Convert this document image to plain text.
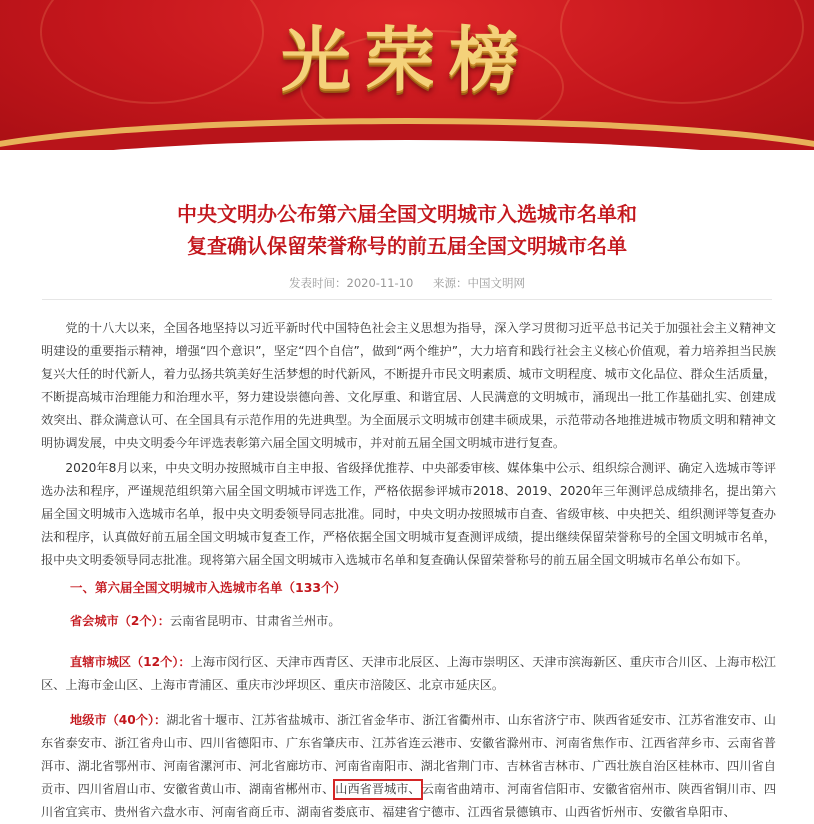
光荣榜
中央文明办公布第六届全国文明城市入选城市名单和
复查确认保留荣誉称号的前五届全国文明城市名单
发表时间：2020-11-10 来源：中国文明网
党的十八大以来，全国各地坚持以习近平新时代中国特色社会主义思想为指导，深入学习贯彻习近平总书记关于加强社会主义精神文明建设的重要指示精神，增强“四个意识”，坚定“四个自信”，做到“两个维护”，大力培育和践行社会主义核心价值观，着力培养担当民族复兴大任的时代新人，着力弘扬共筑美好生活梦想的时代新风，不断提升市民文明素质、城市文明程度、城市文化品位、群众生活质量，不断提高城市治理能力和治理水平，努力建设崇德向善、文化厚重、和谐宜居、人民满意的文明城市，涌现出一批工作基础扎实、创建成效突出、群众满意认可、在全国具有示范作用的先进典型。为全面展示文明城市创建丰硕成果，示范带动各地推进城市物质文明和精神文明协调发展，中央文明委今年评选表彰第六届全国文明城市，并对前五届全国文明城市进行复查。
2020年8月以来，中央文明办按照城市自主申报、省级择优推荐、中央部委审核、媒体集中公示、组织综合测评、确定入选城市等评选办法和程序，严谨规范组织第六届全国文明城市评选工作，严格依据参评城市2018、2019、2020年三年测评总成绩排名，提出第六届全国文明城市入选城市名单，报中央文明委领导同志批准。同时，中央文明办按照城市自查、省级审核、中央把关、组织测评等复查办法和程序，认真做好前五届全国文明城市复查工作，严格依据全国文明城市复查测评成绩，提出继续保留荣誉称号的全国文明城市名单，报中央文明委领导同志批准。现将第六届全国文明城市入选城市名单和复查确认保留荣誉称号的前五届全国文明城市名单公布如下。
一、第六届全国文明城市入选城市名单（133个）
省会城市（2个）：云南省昆明市、甘肃省兰州市。
直辖市城区（12个）：上海市闵行区、天津市西青区、天津市北辰区、上海市崇明区、天津市滨海新区、重庆市合川区、上海市松江区、上海市金山区、上海市青浦区、重庆市沙坪坝区、重庆市涪陵区、北京市延庆区。
地级市（40个）：湖北省十堰市、江苏省盐城市、浙江省金华市、浙江省衢州市、山东省济宁市、陕西省延安市、江苏省淮安市、山东省泰安市、浙江省舟山市、四川省德阳市、广东省肇庆市、江苏省连云港市、安徽省滁州市、河南省焦作市、江西省萍乡市、云南省普洱市、湖北省鄂州市、河南省漯河市、河北省廊坊市、河南省南阳市、湖北省荆门市、吉林省吉林市、广西壮族自治区桂林市、四川省自贡市、四川省眉山市、安徽省黄山市、湖南省郴州市、山西省晋城市、云南省曲靖市、河南省信阳市、安徽省宿州市、陕西省铜川市、四川省宜宾市、贵州省六盘水市、河南省商丘市、湖南省娄底市、福建省宁德市、江西省景德镇市、山西省忻州市、安徽省阜阳市、
